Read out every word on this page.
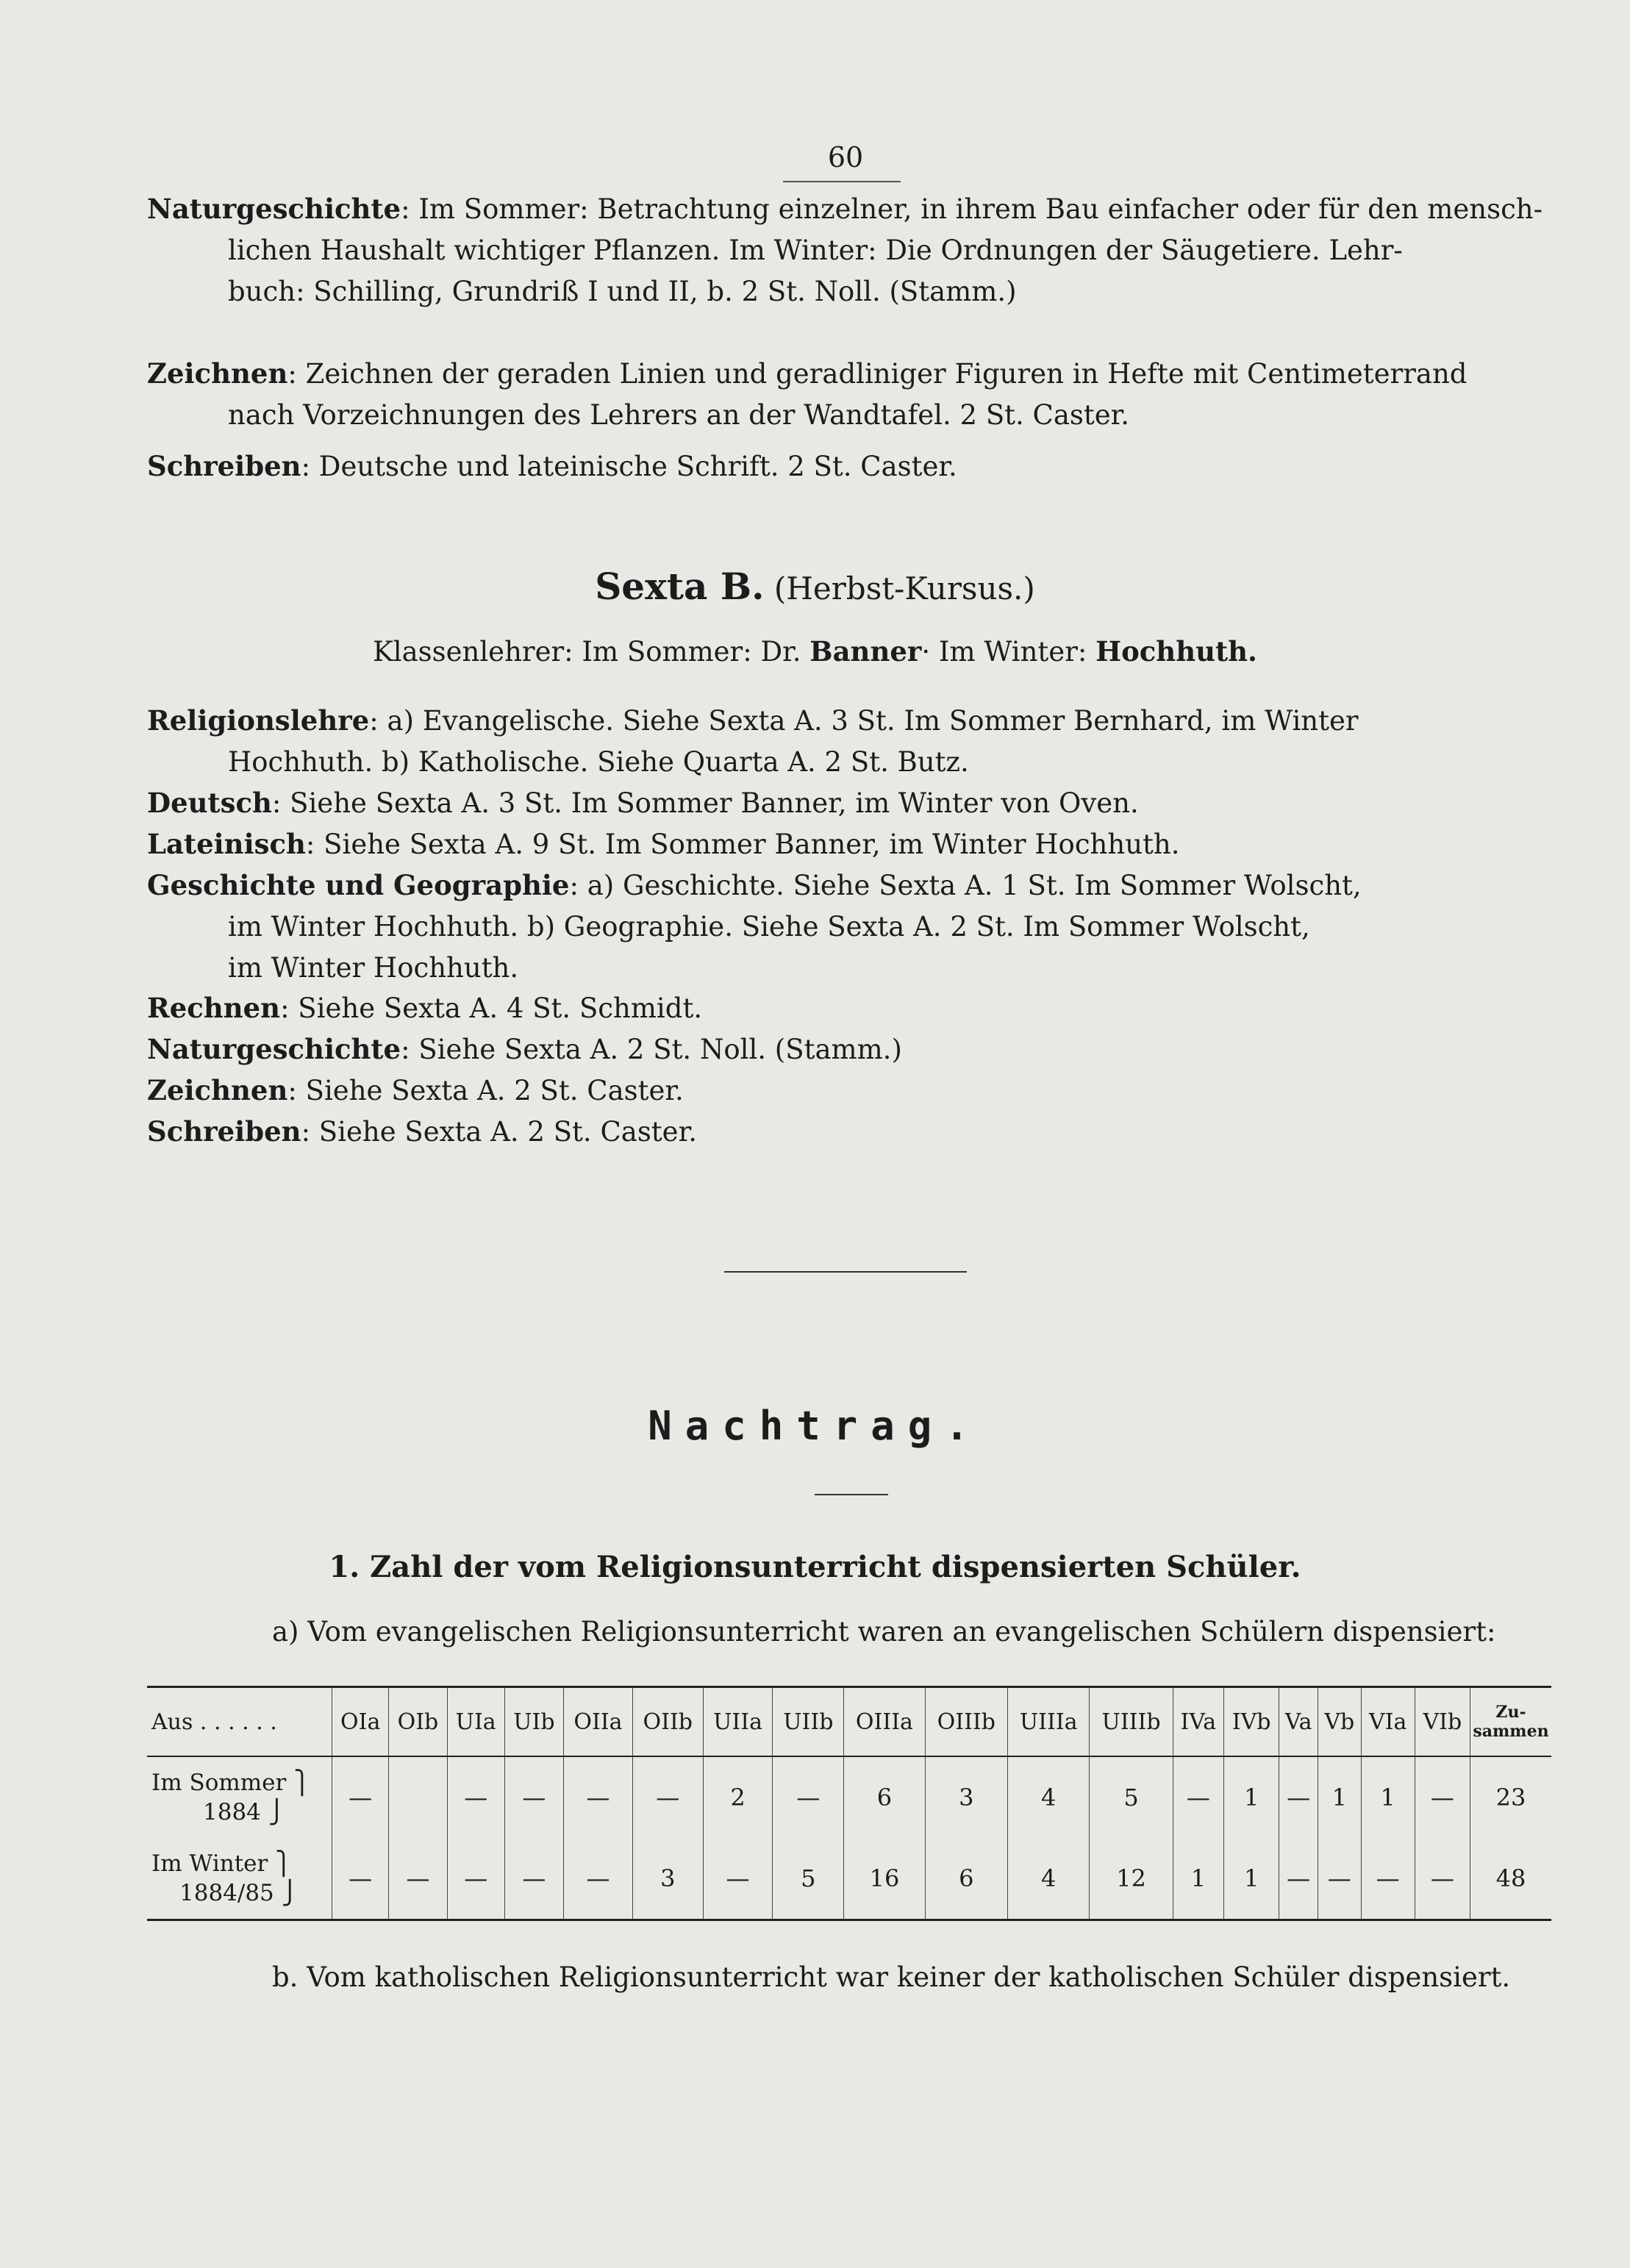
60
Naturgeschichte: Im Sommer: Betrachtung einzelner, in ihrem Bau einfacher oder für den mensch-
lichen Haushalt wichtiger Pflanzen. Im Winter: Die Ordnungen der Säugetiere. Lehr-
buch: Schilling, Grundriß I und II, b. 2 St. Noll. (Stamm.)
Zeichnen: Zeichnen der geraden Linien und geradliniger Figuren in Hefte mit Centimeterrand
nach Vorzeichnungen des Lehrers an der Wandtafel. 2 St. Caster.
Schreiben: Deutsche und lateinische Schrift. 2 St. Caster.
Sexta B. (Herbst-Kursus.)
Klassenlehrer: Im Sommer: Dr. Banner· Im Winter: Hochhuth.
Religionslehre: a) Evangelische. Siehe Sexta A. 3 St. Im Sommer Bernhard, im Winter
Hochhuth. b) Katholische. Siehe Quarta A. 2 St. Butz.
Deutsch: Siehe Sexta A. 3 St. Im Sommer Banner, im Winter von Oven.
Lateinisch: Siehe Sexta A. 9 St. Im Sommer Banner, im Winter Hochhuth.
Geschichte und Geographie: a) Geschichte. Siehe Sexta A. 1 St. Im Sommer Wolscht,
im Winter Hochhuth. b) Geographie. Siehe Sexta A. 2 St. Im Sommer Wolscht,
im Winter Hochhuth.
Rechnen: Siehe Sexta A. 4 St. Schmidt.
Naturgeschichte: Siehe Sexta A. 2 St. Noll. (Stamm.)
Zeichnen: Siehe Sexta A. 2 St. Caster.
Schreiben: Siehe Sexta A. 2 St. Caster.
Nachtrag.
1. Zahl der vom Religionsunterricht dispensierten Schüler.
a) Vom evangelischen Religionsunterricht waren an evangelischen Schülern dispensiert:
Aus . . . . . .	OIa	OIb	UIa	UIb	OIIa	OIIb	UIIa	UIIb	OIIIa	OIIIb	UIIIa	UIIIb	IVa	IVb	Va	Vb	VIa	VIb	Zu-sammen
Im Sommer ⎫
1884 ⎭	—		—	—	—	—	2	—	6	3	4	5	—	1	—	1	1	—	23
Im Winter ⎫
1884/85 ⎭	—	—	—	—	—	3	—	5	16	6	4	12	1	1	—	—	—	—	48
b. Vom katholischen Religionsunterricht war keiner der katholischen Schüler dispensiert.
